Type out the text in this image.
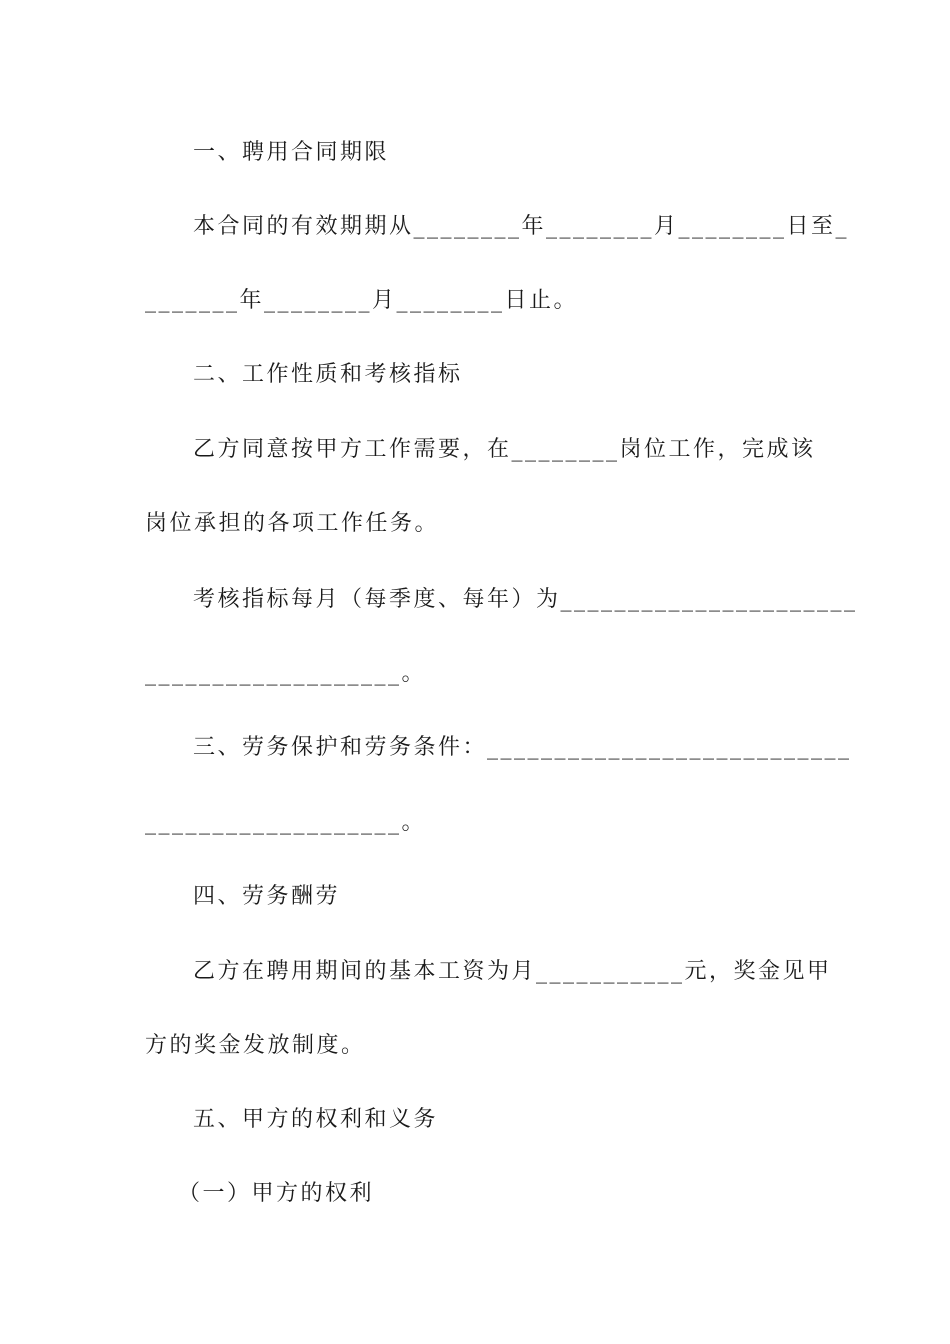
一、聘用合同期限
本合同的有效期期从________年________月________日至_
_______年________月________日止。
二、工作性质和考核指标
乙方同意按甲方工作需要，在________岗位工作，完成该
岗位承担的各项工作任务。
考核指标每月（每季度、每年）为______________________
___________________。
三、劳务保护和劳务条件：___________________________
___________________。
四、劳务酬劳
乙方在聘用期间的基本工资为月___________元，奖金见甲
方的奖金发放制度。
五、甲方的权利和义务
（一）甲方的权利
